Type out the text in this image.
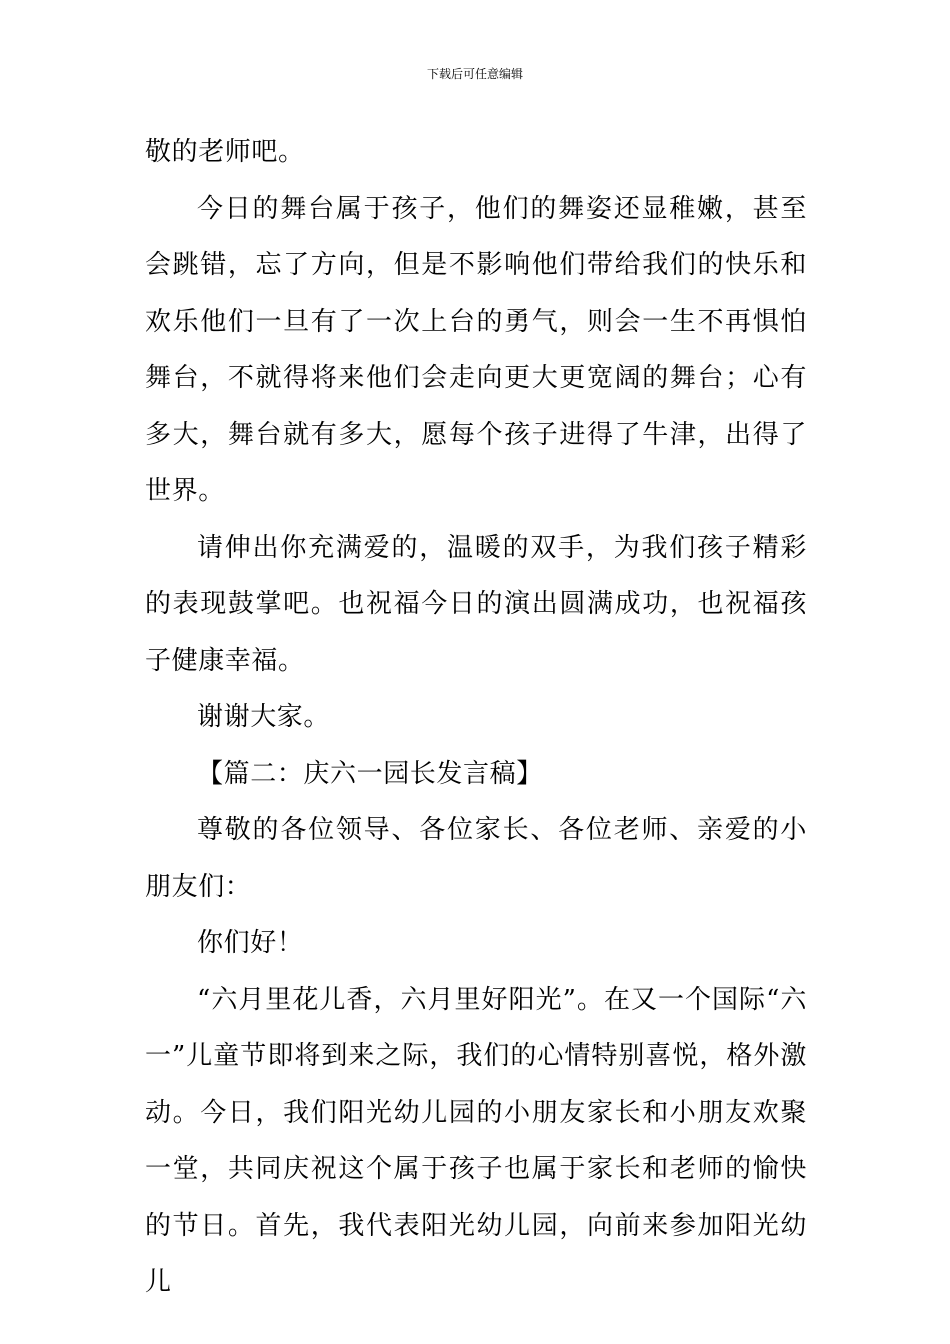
下载后可任意编辑

敬的老师吧。

今日的舞台属于孩子，他们的舞姿还显稚嫩，甚至会跳错，忘了方向，但是不影响他们带给我们的快乐和欢乐他们一旦有了一次上台的勇气，则会一生不再惧怕舞台，不就得将来他们会走向更大更宽阔的舞台；心有多大，舞台就有多大，愿每个孩子进得了牛津，出得了世界。

请伸出你充满爱的，温暖的双手，为我们孩子精彩的表现鼓掌吧。也祝福今日的演出圆满成功，也祝福孩子健康幸福。

谢谢大家。

【篇二：庆六一园长发言稿】

尊敬的各位领导、各位家长、各位老师、亲爱的小朋友们：

你们好！

“六月里花儿香，六月里好阳光”。在又一个国际“六一”儿童节即将到来之际，我们的心情特别喜悦，格外激动。今日，我们阳光幼儿园的小朋友家长和小朋友欢聚一堂，共同庆祝这个属于孩子也属于家长和老师的愉快的节日。首先，我代表阳光幼儿园，向前来参加阳光幼儿
